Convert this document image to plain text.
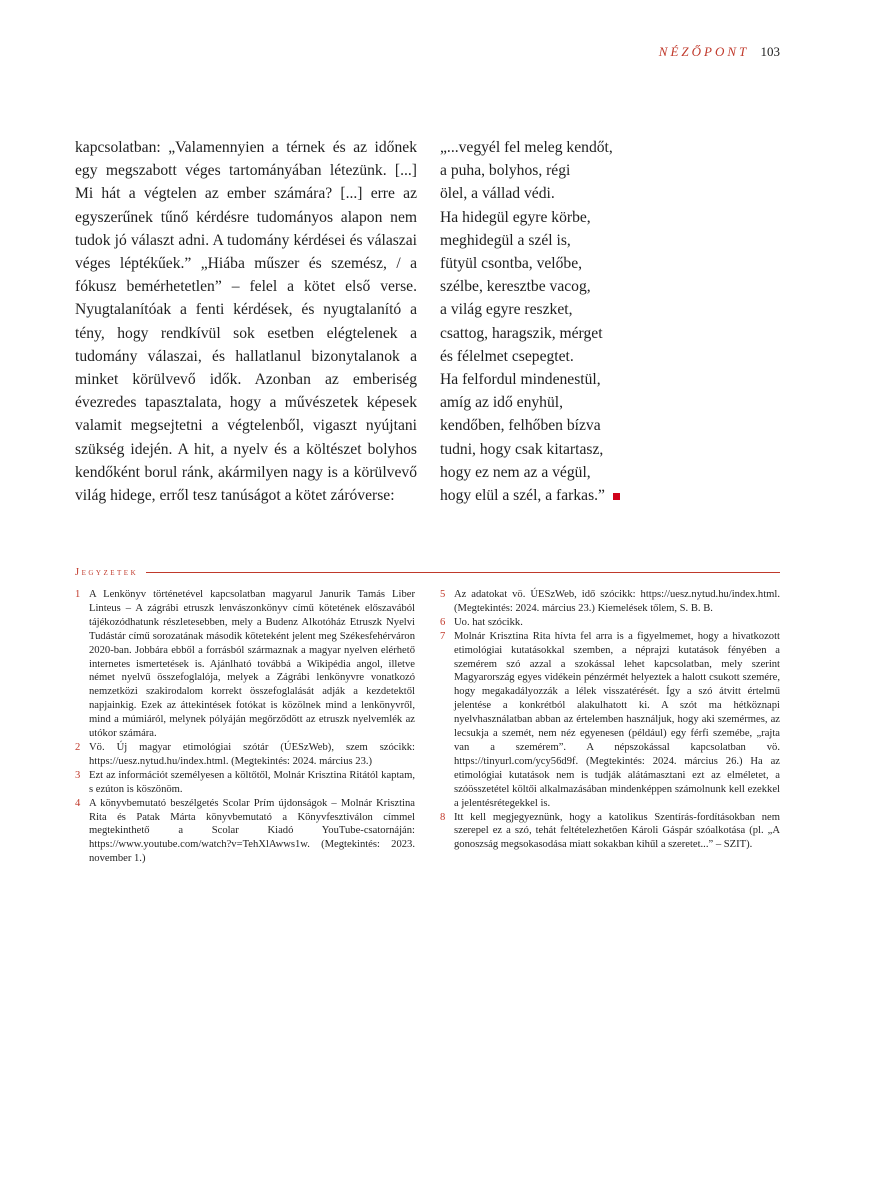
NÉZŐPONT 103
kapcsolatban: „Valamennyien a térnek és az időnek egy megszabott véges tartományában létezünk. [...] Mi hát a végtelen az ember számára? [...] erre az egyszerűnek tűnő kérdésre tudományos alapon nem tudok jó választ adni. A tudomány kérdései és válaszai véges léptékűek.” „Hiába műszer és szemész, / a fókusz bemérhetetlen” – felel a kötet első verse. Nyugtalanítóak a fenti kérdések, és nyugtalanító a tény, hogy rendkívül sok esetben elégtelenek a tudomány válaszai, és hallatlanul bizonytalanok a minket körülvevő idők. Azonban az emberiség évezredes tapasztalata, hogy a művészetek képesek valamit megsejtetni a végtelenből, vigaszt nyújtani szükség idején. A hit, a nyelv és a költészet bolyhos kendőként borul ránk, akármilyen nagy is a körülvevő világ hidege, erről tesz tanúságot a kötet záróverse:
„...vegyél fel meleg kendőt,
a puha, bolyhos, régi
ölel, a vállad védi.
Ha hidegül egyre körbe,
meghidegül a szél is,
fütyül csontba, velőbe,
szélbe, keresztbe vacog,
a világ egyre reszket,
csattog, haragszik, mérget
és félelmet csepegtet.
Ha felfordul mindenestül,
amíg az idő enyhül,
kendőben, felhőben bízva
tudni, hogy csak kitartasz,
hogy ez nem az a végül,
hogy elül a szél, a farkas.”
Jegyzetek
1 A Lenkönyv történetével kapcsolatban magyarul Janurik Tamás Liber Linteus – A zágrábi etruszk lenvászonkönyv című kötetének előszavából tájékozódhatunk részletesebben, mely a Budenz Alkotóház Etruszk Nyelvi Tudástár című sorozatának második köteteként jelent meg Székesfehérváron 2020-ban. Jobbára ebből a forrásból származnak a magyar nyelven elérhető internetes ismertetések is. Ajánlható továbbá a Wikipédia angol, illetve német nyelvű összefoglalója, melyek a Zágrábi lenkönyvre vonatkozó nemzetközi szakirodalom korrekt összefoglalását adják a kezdetektől napjainkig. Ezek az áttekintések fotókat is közölnek mind a lenkönyvről, mind a múmiáról, melynek pólyáján megőrződött az etruszk nyelvemlék az utókor számára.
2 Vö. Új magyar etimológiai szótár (ÚESzWeb), szem szócikk: https://uesz.nytud.hu/index.html. (Megtekintés: 2024. március 23.)
3 Ezt az információt személyesen a költőtől, Molnár Krisztina Ritától kaptam, s ezúton is köszönöm.
4 A könyvbemutató beszélgetés Scolar Prím újdonságok – Molnár Krisztina Rita és Patak Márta könyvbemutató a Könyvfesztiválon címmel megtekinthető a Scolar Kiadó YouTube-csatornáján: https://www.youtube.com/watch?v=TehXlAwws1w. (Megtekintés: 2023. november 1.)
5 Az adatokat vö. ÚESzWeb, idő szócikk: https://uesz.nytud.hu/index.html. (Megtekintés: 2024. március 23.) Kiemelések tőlem, S. B. B.
6 Uo. hat szócikk.
7 Molnár Krisztina Rita hívta fel arra is a figyelmemet, hogy a hivatkozott etimológiai kutatásokkal szemben, a néprajzi kutatások fényében a szemérem szó azzal a szokással lehet kapcsolatban, mely szerint Magyarország egyes vidékein pénzérmét helyeztek a halott csukott szemére, hogy megakadályozzák a lélek visszatérését. Így a szó átvitt értelmű jelentése a konkrétból alakulhatott ki. A szót ma hétköznapi nyelvhasználatban abban az értelemben használjuk, hogy aki szemérmes, az lecsukja a szemét, nem néz egyenesen (például) egy férfi szemébe, „rajta van a szemérem”. A népszokással kapcsolatban vö. https://tinyurl.com/ycy56d9f. (Megtekintés: 2024. március 26.) Ha az etimológiai kutatások nem is tudják alátámasztani ezt az elméletet, a szóösszetétel költői alkalmazásában mindenképpen számolnunk kell ezekkel a jelentésrétegekkel is.
8 Itt kell megjegyeznünk, hogy a katolikus Szentírás-fordításokban nem szerepel ez a szó, tehát feltételezhetően Károli Gáspár szóalkotása (pl. „A gonoszság megsokasodása miatt sokakban kihűl a szeretet...” – SZIT).
